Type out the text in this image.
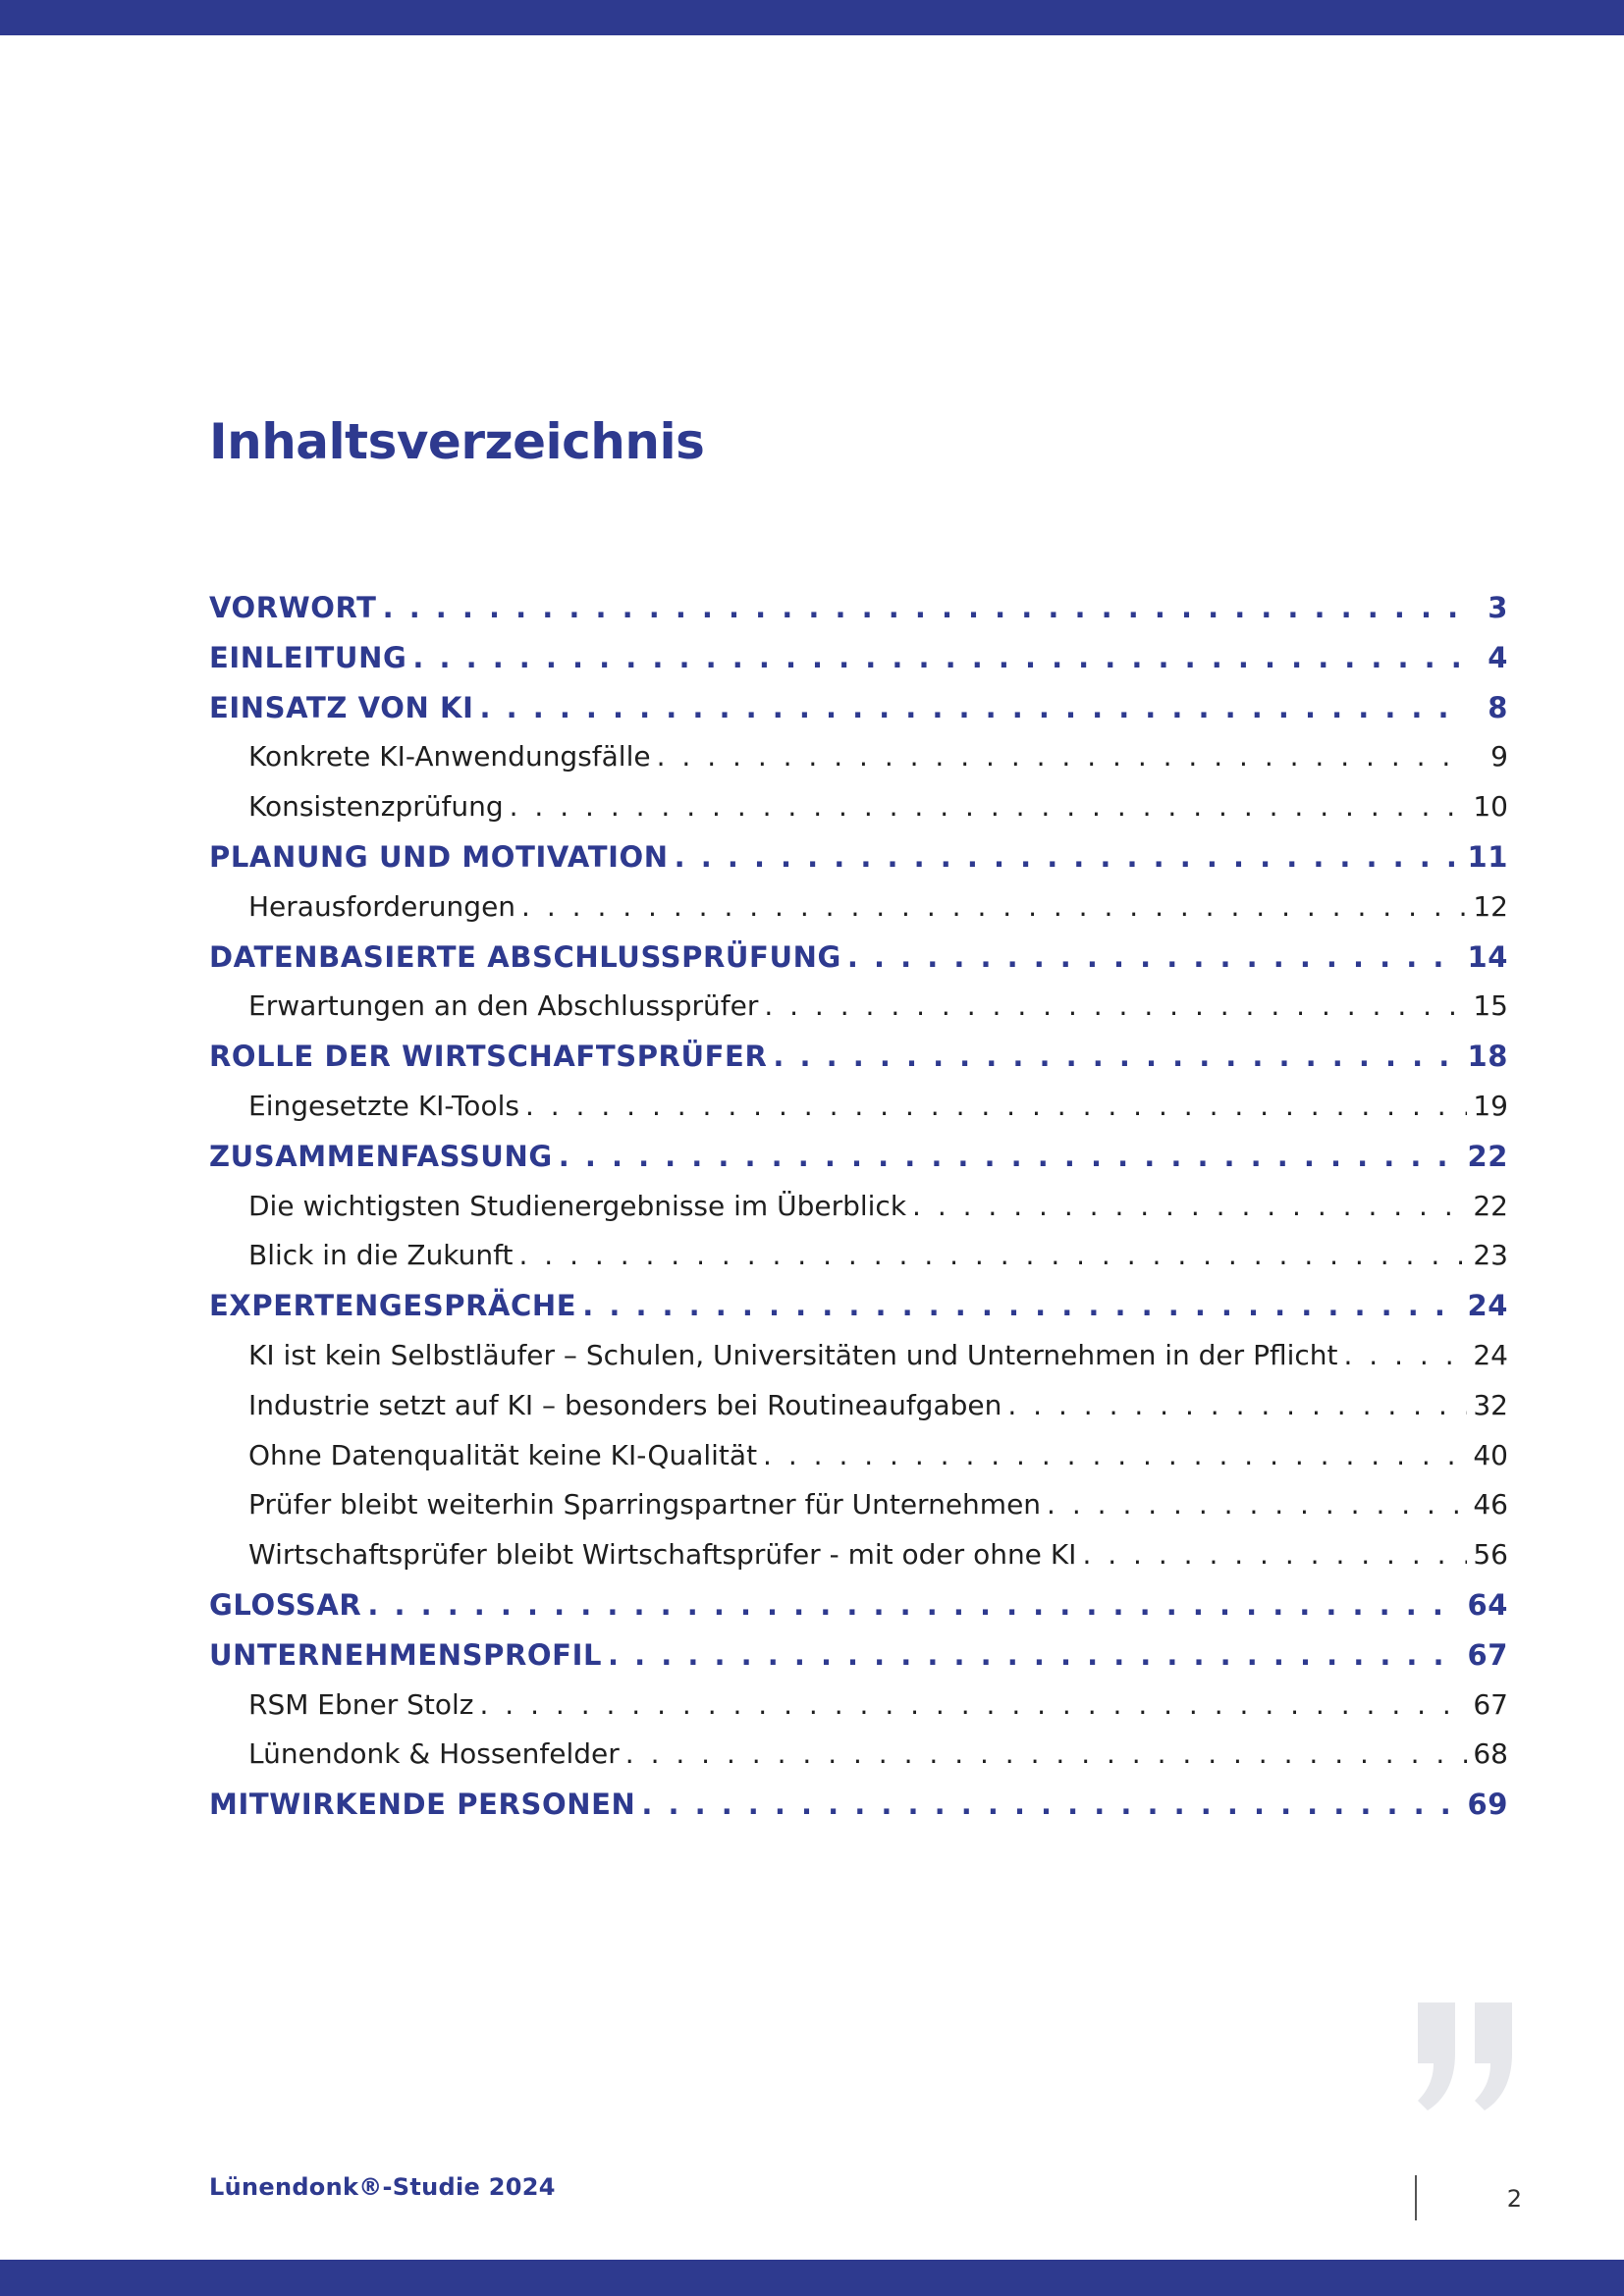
Inhaltsverzeichnis
VORWORT . . .	3
EINLEITUNG . . .	4
EINSATZ VON KI . . .	8
Konkrete KI-Anwendungsfälle . . .	9
Konsistenzprüfung . . .	10
PLANUNG UND MOTIVATION . . .	11
Herausforderungen . . .	12
DATENBASIERTE ABSCHLUSSPRÜFUNG . . .	14
Erwartungen an den Abschlussprüfer . . .	15
ROLLE DER WIRTSCHAFTSPRÜFER . . .	18
Eingesetzte KI-Tools . . .	19
ZUSAMMENFASSUNG . . .	22
Die wichtigsten Studienergebnisse im Überblick . . .	22
Blick in die Zukunft . . .	23
EXPERTENGESPRÄCHE . . .	24
KI ist kein Selbstläufer – Schulen, Universitäten und Unternehmen in der Pflicht . . .	24
Industrie setzt auf KI – besonders bei Routineaufgaben . . .	32
Ohne Datenqualität keine KI-Qualität . . .	40
Prüfer bleibt weiterhin Sparringspartner für Unternehmen . . .	46
Wirtschaftsprüfer bleibt Wirtschaftsprüfer - mit oder ohne KI . . .	56
GLOSSAR . . .	64
UNTERNEHMENSPROFIL . . .	67
RSM Ebner Stolz . . .	67
Lünendonk & Hossenfelder . . .	68
MITWIRKENDE PERSONEN . . .	69
Lünendonk®-Studie 2024	2
